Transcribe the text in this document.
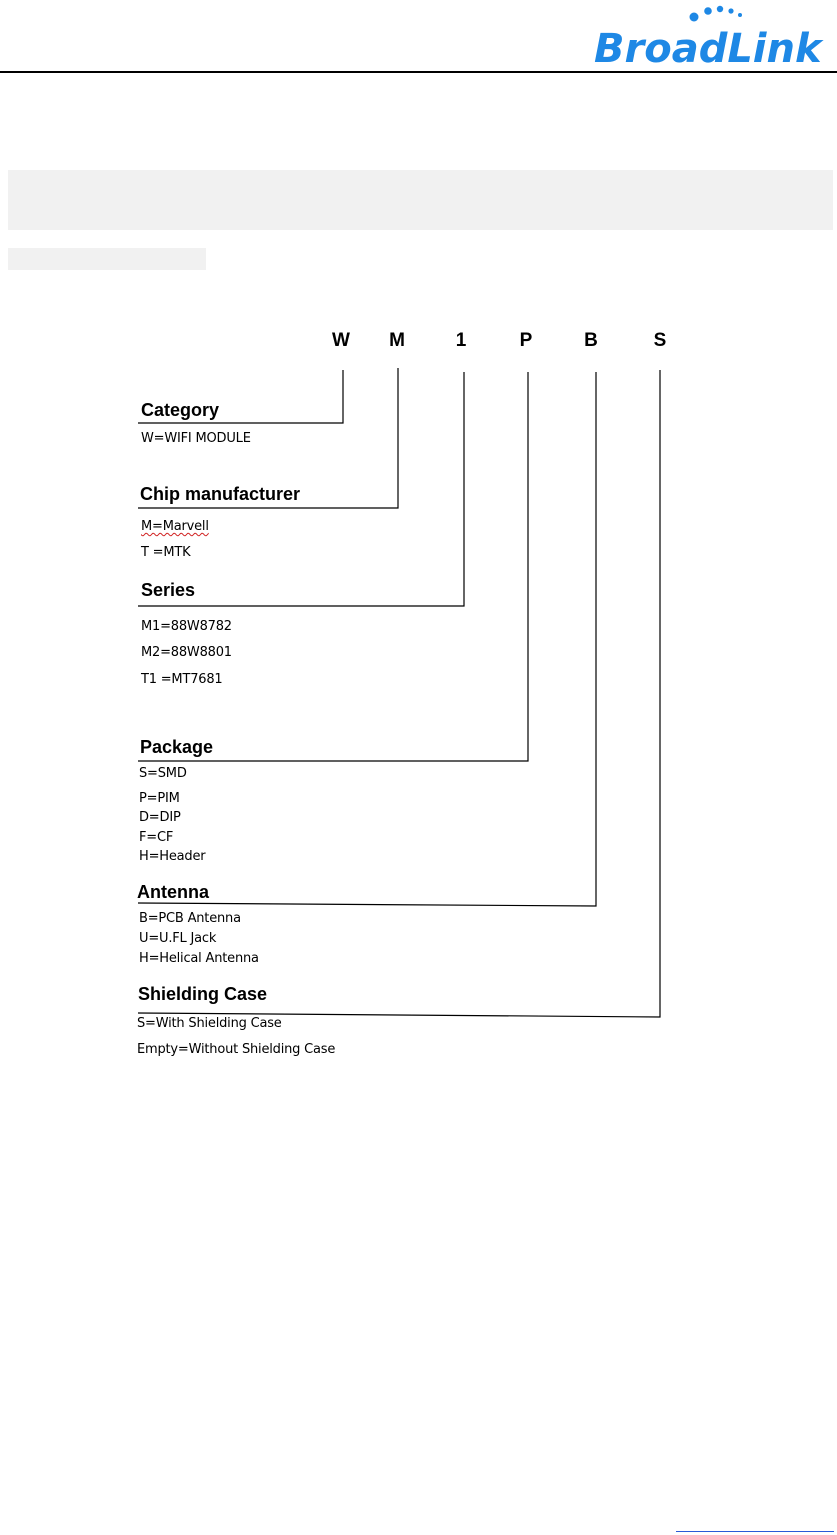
BroadLink
W M	1	P	B	S
Category
W=WIFI MODULE
Chip manufacturer
M=Marvell
T =MTK
Series
M1=88W8782
M2=88W8801
T1 =MT7681
Package
S=SMD
P=PIM
D=DIP
F=CF
H=Header
Antenna
B=PCB Antenna
U=U.FL Jack
H=Helical Antenna
Shielding Case
S=With Shielding Case
Empty=Without Shielding Case
